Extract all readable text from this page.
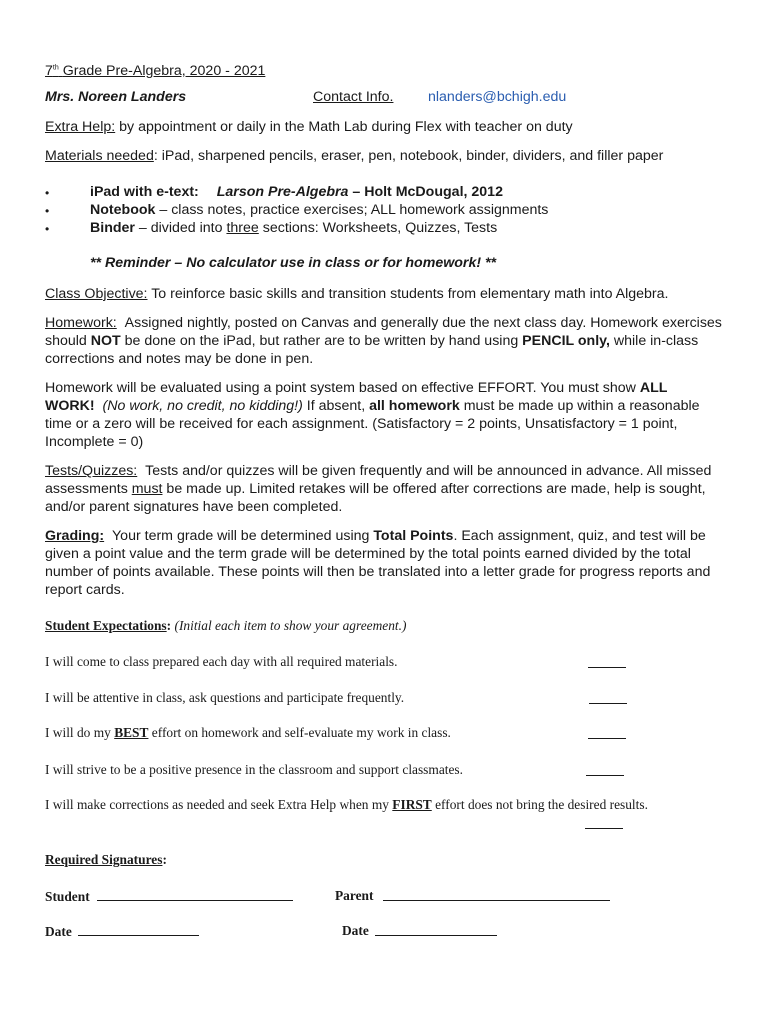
7th Grade Pre-Algebra, 2020 - 2021
Mrs. Noreen Landers	Contact Info. nlanders@bchigh.edu
Extra Help: by appointment or daily in the Math Lab during Flex with teacher on duty
Materials needed: iPad, sharpened pencils, eraser, pen, notebook, binder, dividers, and filler paper
• iPad with e-text: Larson Pre-Algebra – Holt McDougal, 2012
• Notebook – class notes, practice exercises; ALL homework assignments
• Binder – divided into three sections: Worksheets, Quizzes, Tests
** Reminder – No calculator use in class or for homework! **
Class Objective: To reinforce basic skills and transition students from elementary math into Algebra.
Homework: Assigned nightly, posted on Canvas and generally due the next class day. Homework exercises should NOT be done on the iPad, but rather are to be written by hand using PENCIL only, while in-class corrections and notes may be done in pen.
Homework will be evaluated using a point system based on effective EFFORT. You must show ALL WORK! (No work, no credit, no kidding!) If absent, all homework must be made up within a reasonable time or a zero will be received for each assignment. (Satisfactory = 2 points, Unsatisfactory = 1 point, Incomplete = 0)
Tests/Quizzes: Tests and/or quizzes will be given frequently and will be announced in advance. All missed assessments must be made up. Limited retakes will be offered after corrections are made, help is sought, and/or parent signatures have been completed.
Grading: Your term grade will be determined using Total Points. Each assignment, quiz, and test will be given a point value and the term grade will be determined by the total points earned divided by the total number of points available. These points will then be translated into a letter grade for progress reports and report cards.
Student Expectations: (Initial each item to show your agreement.)
I will come to class prepared each day with all required materials.
I will be attentive in class, ask questions and participate frequently.
I will do my BEST effort on homework and self-evaluate my work in class.
I will strive to be a positive presence in the classroom and support classmates.
I will make corrections as needed and seek Extra Help when my FIRST effort does not bring the desired results.
Required Signatures:
Student	Parent
Date	Date
